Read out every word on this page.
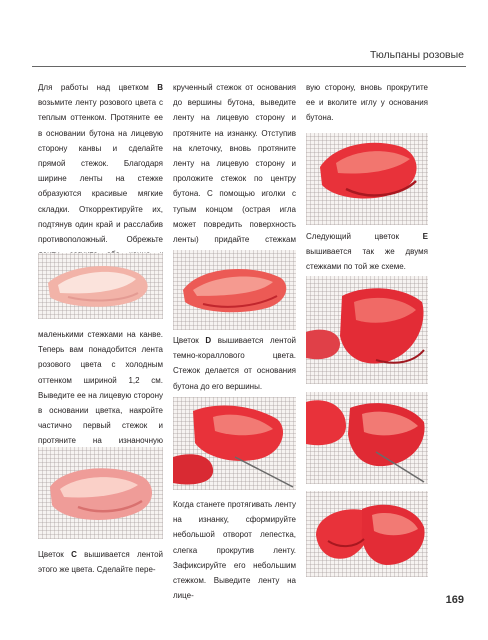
Тюльпаны розовые

Для работы над цветком B возьмите ленту розового цвета с теплым оттенком. Протяните ее в основании бутона на лицевую сторону канвы и сделайте прямой стежок. Благодаря ширине ленты на стежке образуются красивые мягкие складки. Откорректируйте их, подтянув один край и расслабив противоположный. Обрежьте

маленькими стежками на канве. Теперь вам понадобится лента розового цвета с холодным оттенком шириной 1,2 см. Выведите ее на лицевую сторону в основании цветка, накройте частично первый стежок и протяните на изнаночную

Цветок C вышивается лентой этого же цвета. Сделайте пере-

крученный стежок от основания до вершины бутона, выведите ленту на лицевую сторону и протяните на изнанку. Отступив на клеточку, вновь протяните ленту на лицевую сторону и проложите стежок по центру бутона. С помощью иголки с тупым концом (острая игла может повредить поверхность ленты) придайте стежкам

Цветок D вышивается лентой темно-кораллового цвета. Стежок делается от основания бутона до его вершины.

Когда станете протягивать ленту на изнанку, сформируйте небольшой отворот лепестка, слегка прокрутив ленту. Зафиксируйте его небольшим стежком. Выведите ленту на лице-

вую сторону, вновь прокрутите ее и вколите иглу у основания бутона.

Следующий цветок E вышивается так же двумя стежками по той же схеме.

169
